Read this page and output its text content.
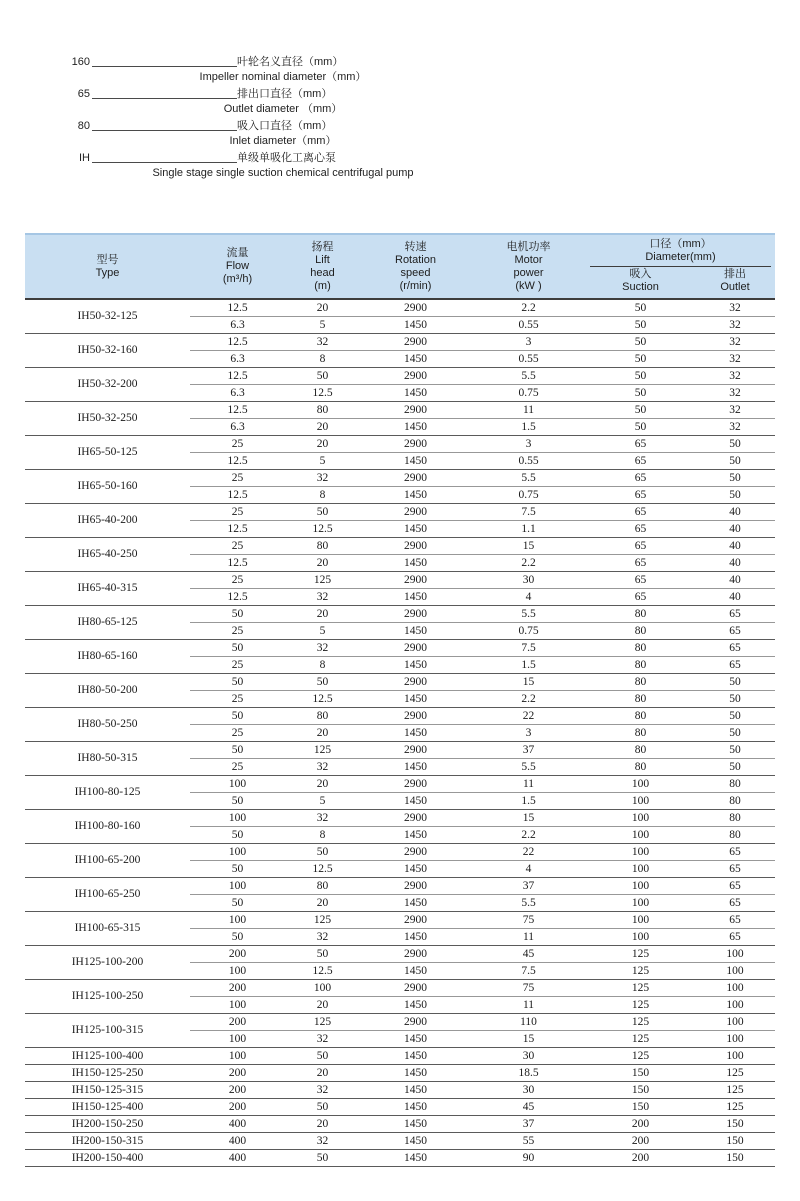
160	叶轮名义直径（mm）
Impeller nominal diameter（mm）
65	排出口直径（mm）
Outlet diameter （mm）
80	吸入口直径（mm）
Inlet diameter（mm）
IH	单级单吸化工离心泵
Single stage single suction chemical centrifugal pump
型号
Type

流量
Flow
(m³/h)

扬程
Lift
head
(m)

转速
Rotation
speed
(r/min)

电机功率
Motor
power
(kW )

口径（mm）
Diameter(mm)

吸入
Suction

排出
Outlet

IH50-32-125	12.5	20	2900	2.2	50	32
	6.3	5	1450	0.55	50	32
IH50-32-160	12.5	32	2900	3	50	32
	6.3	8	1450	0.55	50	32
IH50-32-200	12.5	50	2900	5.5	50	32
	6.3	12.5	1450	0.75	50	32
IH50-32-250	12.5	80	2900	11	50	32
	6.3	20	1450	1.5	50	32
IH65-50-125	25	20	2900	3	65	50
	12.5	5	1450	0.55	65	50
IH65-50-160	25	32	2900	5.5	65	50
	12.5	8	1450	0.75	65	50
IH65-40-200	25	50	2900	7.5	65	40
	12.5	12.5	1450	1.1	65	40
IH65-40-250	25	80	2900	15	65	40
	12.5	20	1450	2.2	65	40
IH65-40-315	25	125	2900	30	65	40
	12.5	32	1450	4	65	40
IH80-65-125	50	20	2900	5.5	80	65
	25	5	1450	0.75	80	65
IH80-65-160	50	32	2900	7.5	80	65
	25	8	1450	1.5	80	65
IH80-50-200	50	50	2900	15	80	50
	25	12.5	1450	2.2	80	50
IH80-50-250	50	80	2900	22	80	50
	25	20	1450	3	80	50
IH80-50-315	50	125	2900	37	80	50
	25	32	1450	5.5	80	50
IH100-80-125	100	20	2900	11	100	80
	50	5	1450	1.5	100	80
IH100-80-160	100	32	2900	15	100	80
	50	8	1450	2.2	100	80
IH100-65-200	100	50	2900	22	100	65
	50	12.5	1450	4	100	65
IH100-65-250	100	80	2900	37	100	65
	50	20	1450	5.5	100	65
IH100-65-315	100	125	2900	75	100	65
	50	32	1450	11	100	65
IH125-100-200	200	50	2900	45	125	100
	100	12.5	1450	7.5	125	100
IH125-100-250	200	100	2900	75	125	100
	100	20	1450	11	125	100
IH125-100-315	200	125	2900	110	125	100
	100	32	1450	15	125	100
IH125-100-400	100	50	1450	30	125	100
IH150-125-250	200	20	1450	18.5	150	125
IH150-125-315	200	32	1450	30	150	125
IH150-125-400	200	50	1450	45	150	125
IH200-150-250	400	20	1450	37	200	150
IH200-150-315	400	32	1450	55	200	150
IH200-150-400	400	50	1450	90	200	150
